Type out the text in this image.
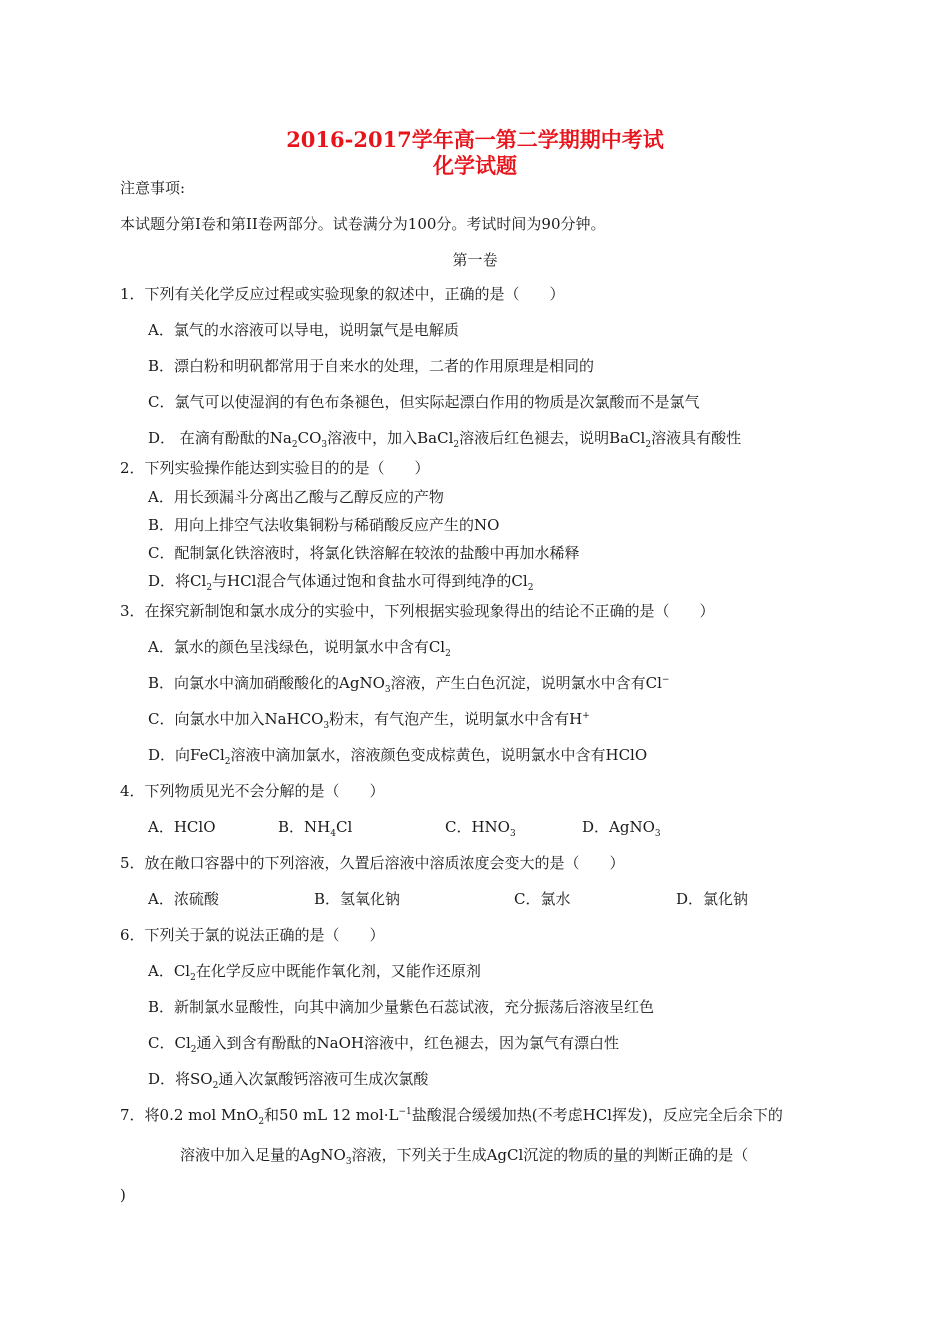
2016-2017学年高一第二学期期中考试
化学试题
注意事项:
本试题分第I卷和第II卷两部分。试卷满分为100分。考试时间为90分钟。
第一卷
1．下列有关化学反应过程或实验现象的叙述中，正确的是（　　）
A．氯气的水溶液可以导电，说明氯气是电解质
B．漂白粉和明矾都常用于自来水的处理，二者的作用原理是相同的
C．氯气可以使湿润的有色布条褪色，但实际起漂白作用的物质是次氯酸而不是氯气
D． 在滴有酚酞的$Na_2CO_3$溶液中，加入BaCl$_2$溶液后红色褪去，说明BaCl$_2$溶液具有酸性
2．下列实验操作能达到实验目的的是（　　）
A．用长颈漏斗分离出乙酸与乙醇反应的产物
B．用向上排空气法收集铜粉与稀硝酸反应产生的NO
C．配制氯化铁溶液时，将氯化铁溶解在较浓的盐酸中再加水稀释
D．将$Cl_2$与HCl混合气体通过饱和食盐水可得到纯净的$Cl_2$
3．在探究新制饱和氯水成分的实验中，下列根据实验现象得出的结论不正确的是（　　）
A．氯水的颜色呈浅绿色，说明氯水中含有$Cl_2$
B．向氯水中滴加硝酸酸化的AgNO$_3$溶液，产生白色沉淀，说明氯水中含有Cl−
C．向氯水中加入NaHCO$_3$粉末，有气泡产生，说明氯水中含有H+
D．向FeCl$_2$溶液中滴加氯水，溶液颜色变成棕黄色，说明氯水中含有HClO
4．下列物质见光不会分解的是（　　）
A．HClO	B．$NH_4Cl$	C．$HNO_3$	D．AgNO$_3$
5．放在敞口容器中的下列溶液，久置后溶液中溶质浓度会变大的是（　　）
A．浓硫酸	B．氢氧化钠	C．氯水	D．氯化钠
6．下列关于氯的说法正确的是（　　）
A．$Cl_2$在化学反应中既能作氧化剂，又能作还原剂
B．新制氯水显酸性，向其中滴加少量紫色石蕊试液，充分振荡后溶液呈红色
C．$Cl_2$通入到含有酚酞的NaOH溶液中，红色褪去，因为氯气有漂白性
D．将$SO_2$通入次氯酸钙溶液可生成次氯酸
7．将0.2 mol MnO$_2$和50 mL 12 $mol\cdot L^{-1}$盐酸混合缓缓加热(不考虑HCl挥发)，反应完全后余下的
溶液中加入足量的AgNO$_3$溶液，下列关于生成AgCl沉淀的物质的量的判断正确的是（
)
